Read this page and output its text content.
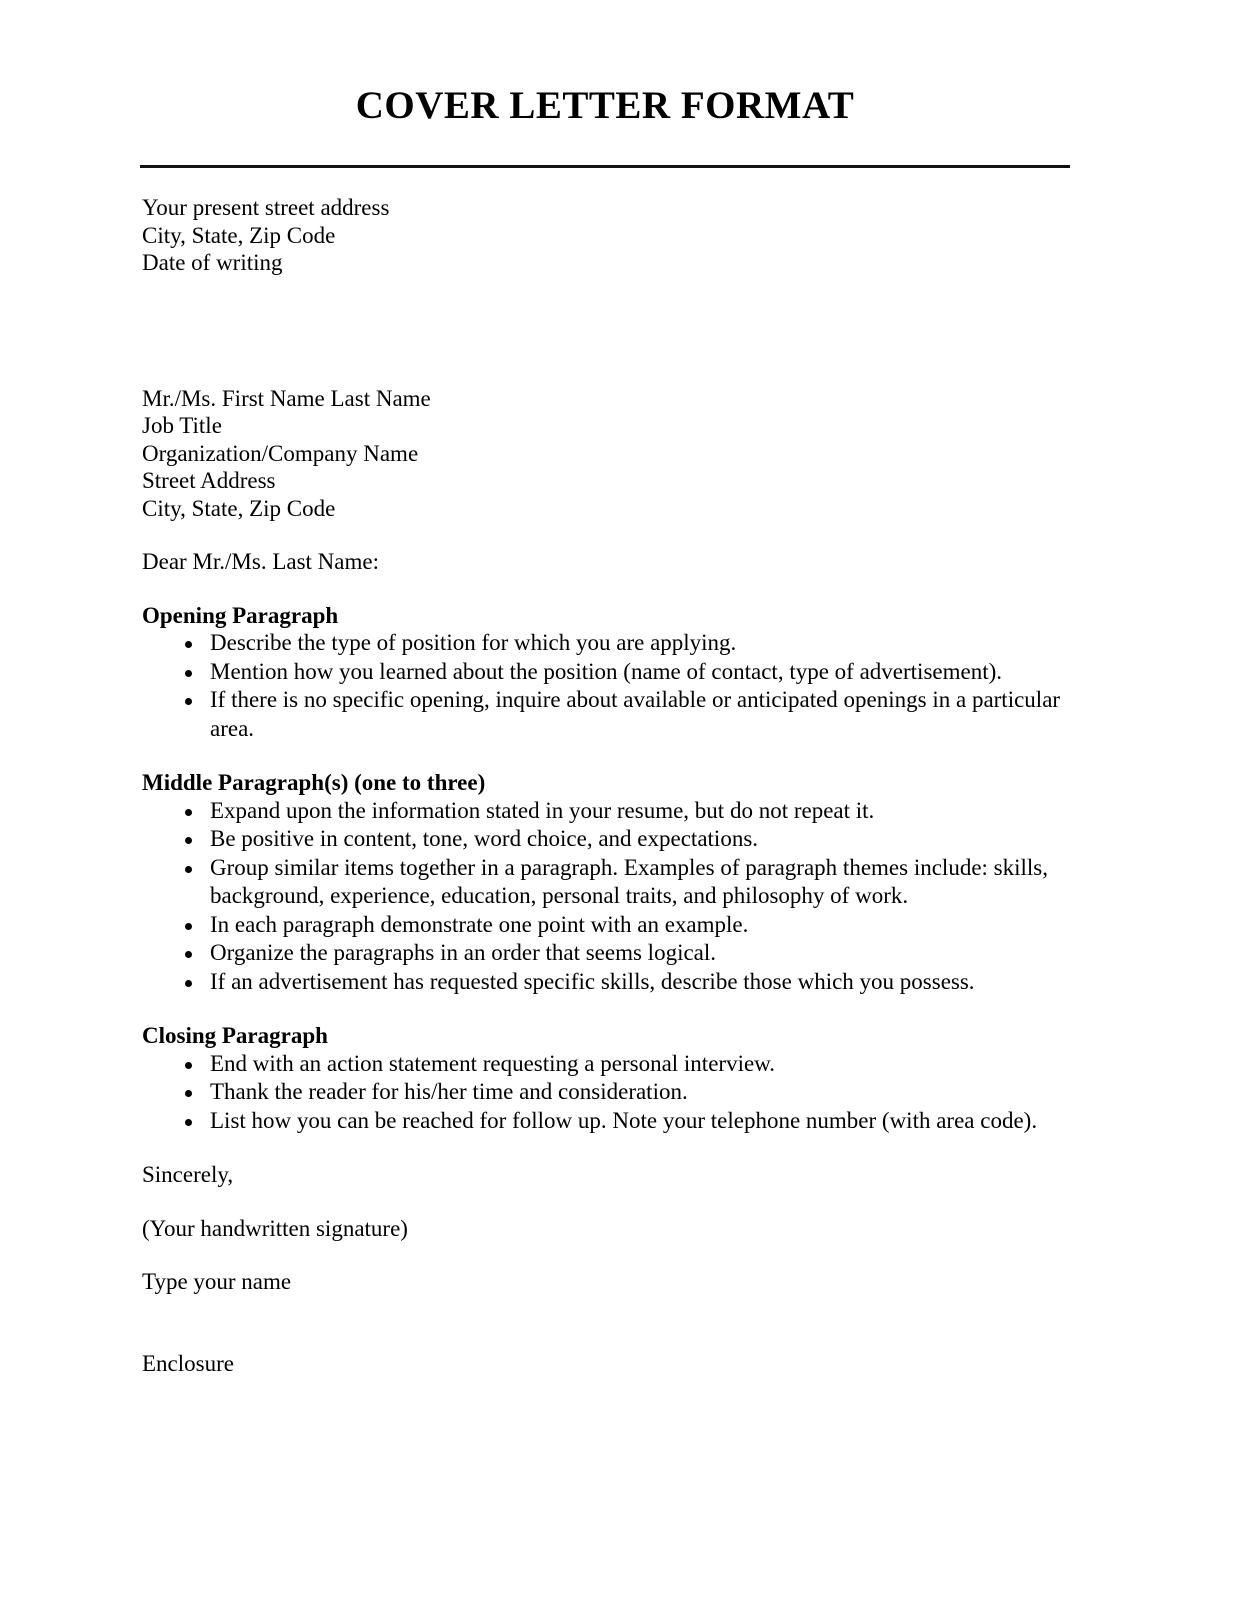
COVER LETTER FORMAT
Your present street address
City, State, Zip Code
Date of writing
Mr./Ms. First Name Last Name
Job Title
Organization/Company Name
Street Address
City, State, Zip Code
Dear Mr./Ms. Last Name:
Opening Paragraph
Describe the type of position for which you are applying.
Mention how you learned about the position (name of contact, type of advertisement).
If there is no specific opening, inquire about available or anticipated openings in a particular area.
Middle Paragraph(s) (one to three)
Expand upon the information stated in your resume, but do not repeat it.
Be positive in content, tone, word choice, and expectations.
Group similar items together in a paragraph. Examples of paragraph themes include: skills, background, experience, education, personal traits, and philosophy of work.
In each paragraph demonstrate one point with an example.
Organize the paragraphs in an order that seems logical.
If an advertisement has requested specific skills, describe those which you possess.
Closing Paragraph
End with an action statement requesting a personal interview.
Thank the reader for his/her time and consideration.
List how you can be reached for follow up. Note your telephone number (with area code).
Sincerely,
(Your handwritten signature)
Type your name
Enclosure
